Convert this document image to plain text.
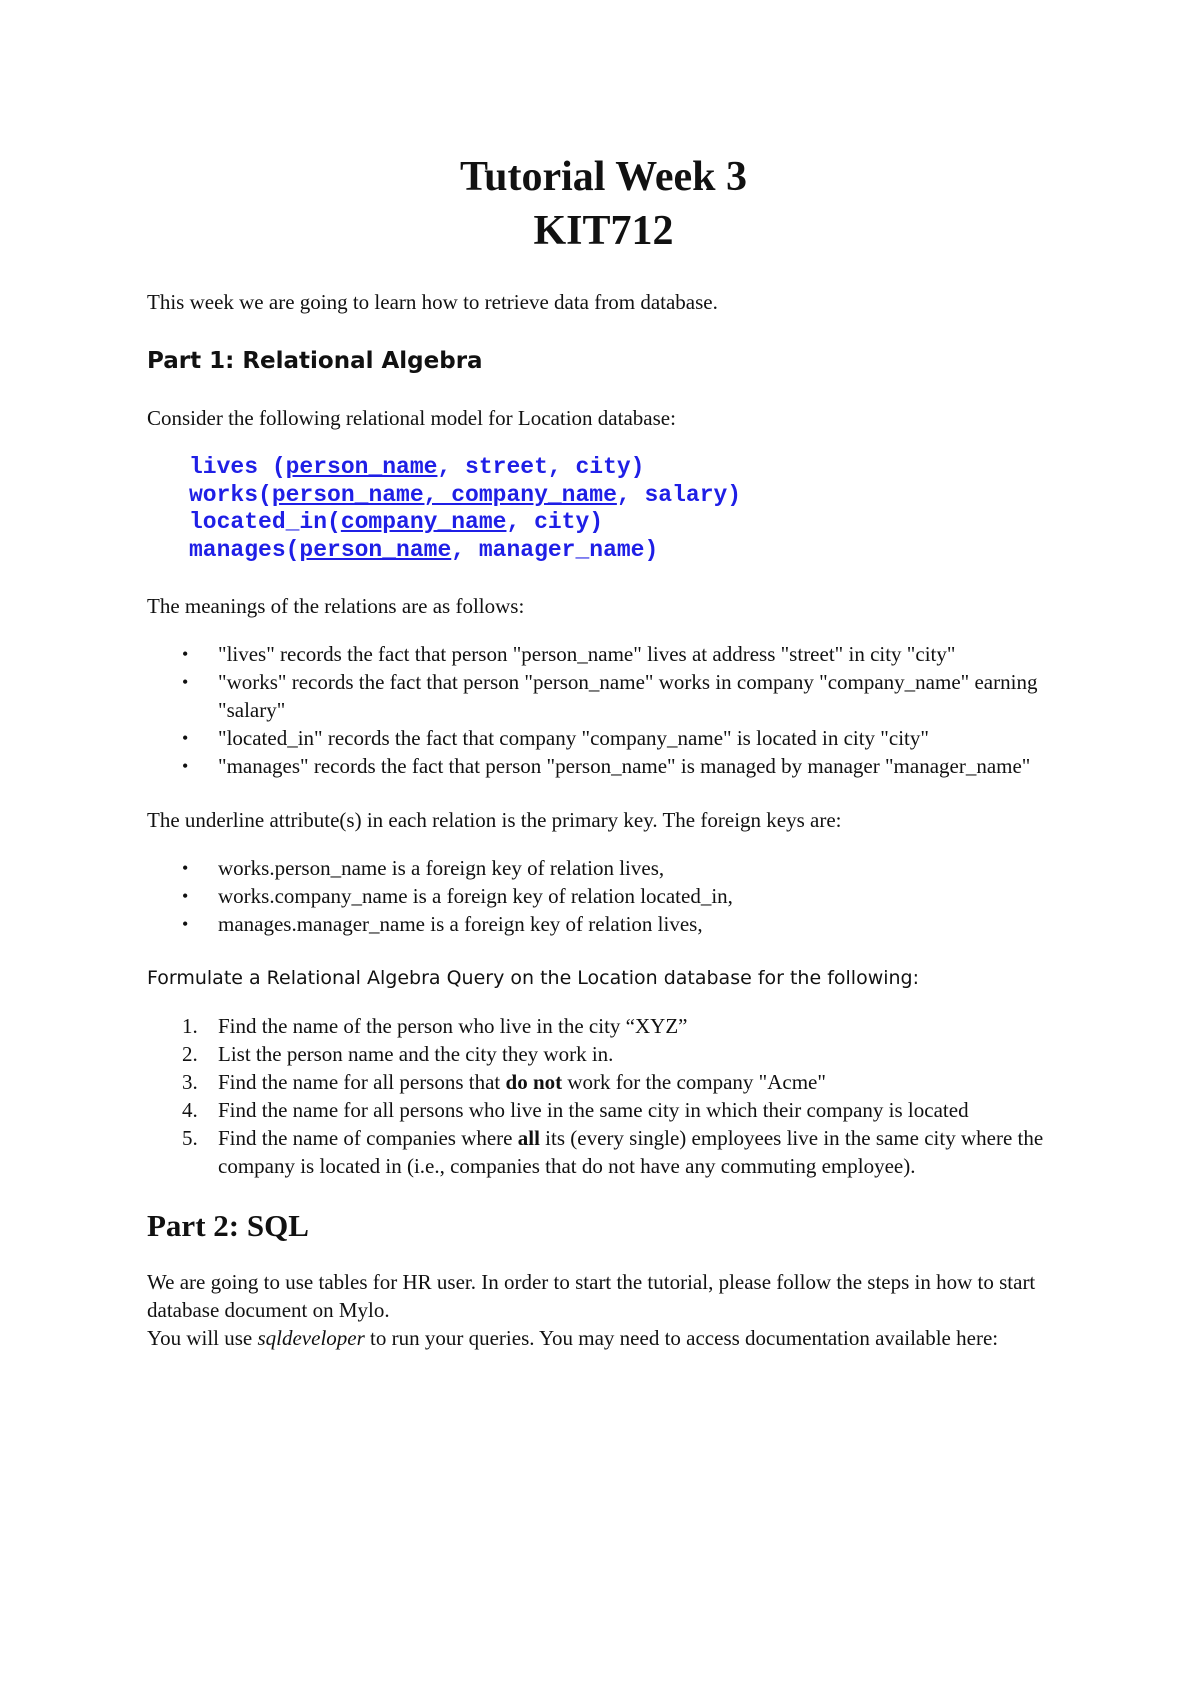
Tutorial Week 3
KIT712

This week we are going to learn how to retrieve data from database.

Part 1: Relational Algebra

Consider the following relational model for Location database:

lives (person_name, street, city)
works(person_name, company_name, salary)
located_in(company_name, city)
manages(person_name, manager_name)

The meanings of the relations are as follows:

• "lives" records the fact that person "person_name" lives at address "street" in city "city"
• "works" records the fact that person "person_name" works in company "company_name" earning "salary"
• "located_in" records the fact that company "company_name" is located in city "city"
• "manages" records the fact that person "person_name" is managed by manager "manager_name"

The underline attribute(s) in each relation is the primary key. The foreign keys are:

• works.person_name is a foreign key of relation lives,
• works.company_name is a foreign key of relation located_in,
• manages.manager_name is a foreign key of relation lives,

Formulate a Relational Algebra Query on the Location database for the following:

1. Find the name of the person who live in the city “XYZ”
2. List the person name and the city they work in.
3. Find the name for all persons that do not work for the company "Acme"
4. Find the name for all persons who live in the same city in which their company is located
5. Find the name of companies where all its (every single) employees live in the same city where the company is located in (i.e., companies that do not have any commuting employee).
Part 2: SQL

We are going to use tables for HR user. In order to start the tutorial, please follow the steps in how to start database document on Mylo.

You will use sqldeveloper to run your queries. You may need to access documentation available here:
